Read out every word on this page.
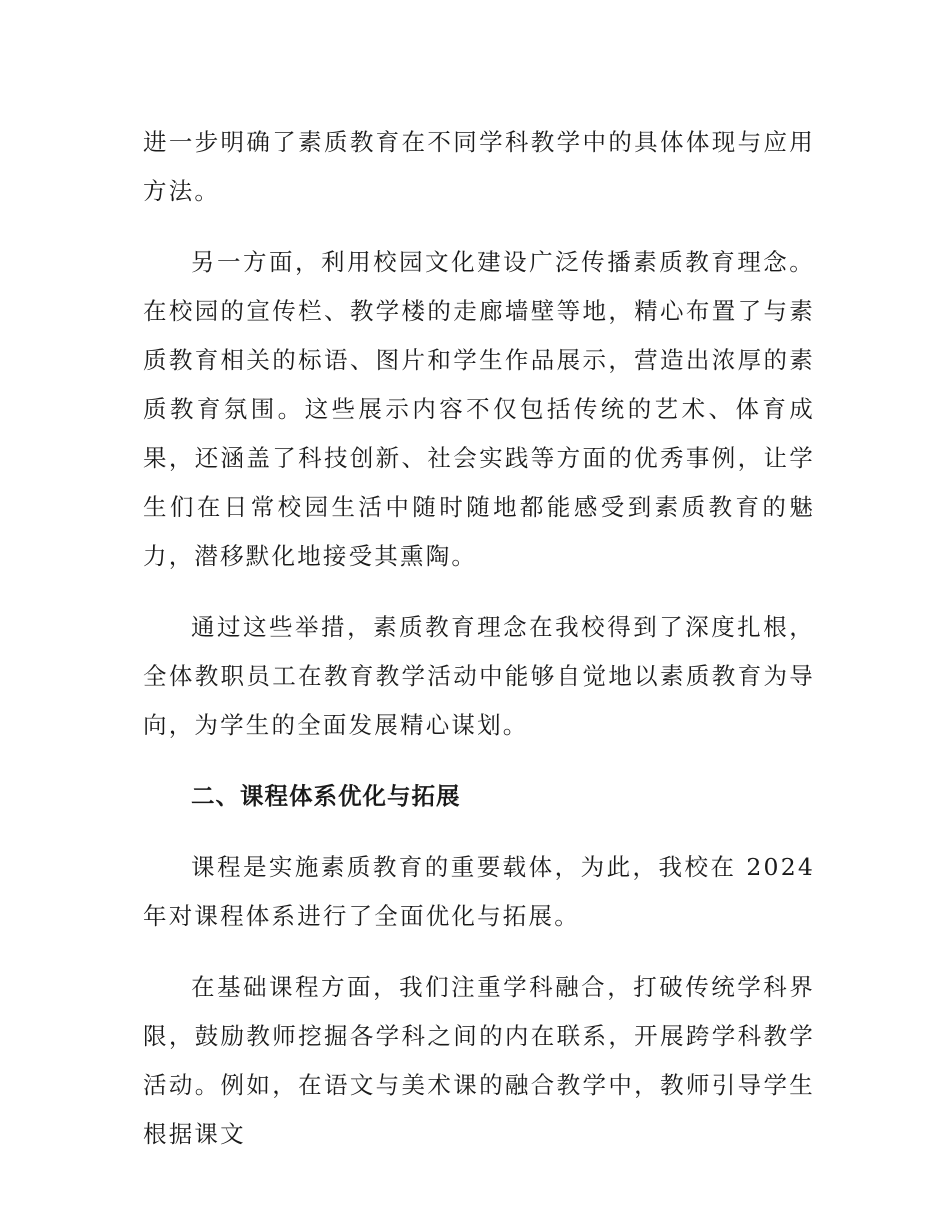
进一步明确了素质教育在不同学科教学中的具体体现与应用方法。

另一方面，利用校园文化建设广泛传播素质教育理念。在校园的宣传栏、教学楼的走廊墙壁等地，精心布置了与素质教育相关的标语、图片和学生作品展示，营造出浓厚的素质教育氛围。这些展示内容不仅包括传统的艺术、体育成果，还涵盖了科技创新、社会实践等方面的优秀事例，让学生们在日常校园生活中随时随地都能感受到素质教育的魅力，潜移默化地接受其熏陶。

通过这些举措，素质教育理念在我校得到了深度扎根，全体教职员工在教育教学活动中能够自觉地以素质教育为导向，为学生的全面发展精心谋划。

二、课程体系优化与拓展

课程是实施素质教育的重要载体，为此，我校在 2024 年对课程体系进行了全面优化与拓展。

在基础课程方面，我们注重学科融合，打破传统学科界限，鼓励教师挖掘各学科之间的内在联系，开展跨学科教学活动。例如，在语文与美术课的融合教学中，教师引导学生根据课文
